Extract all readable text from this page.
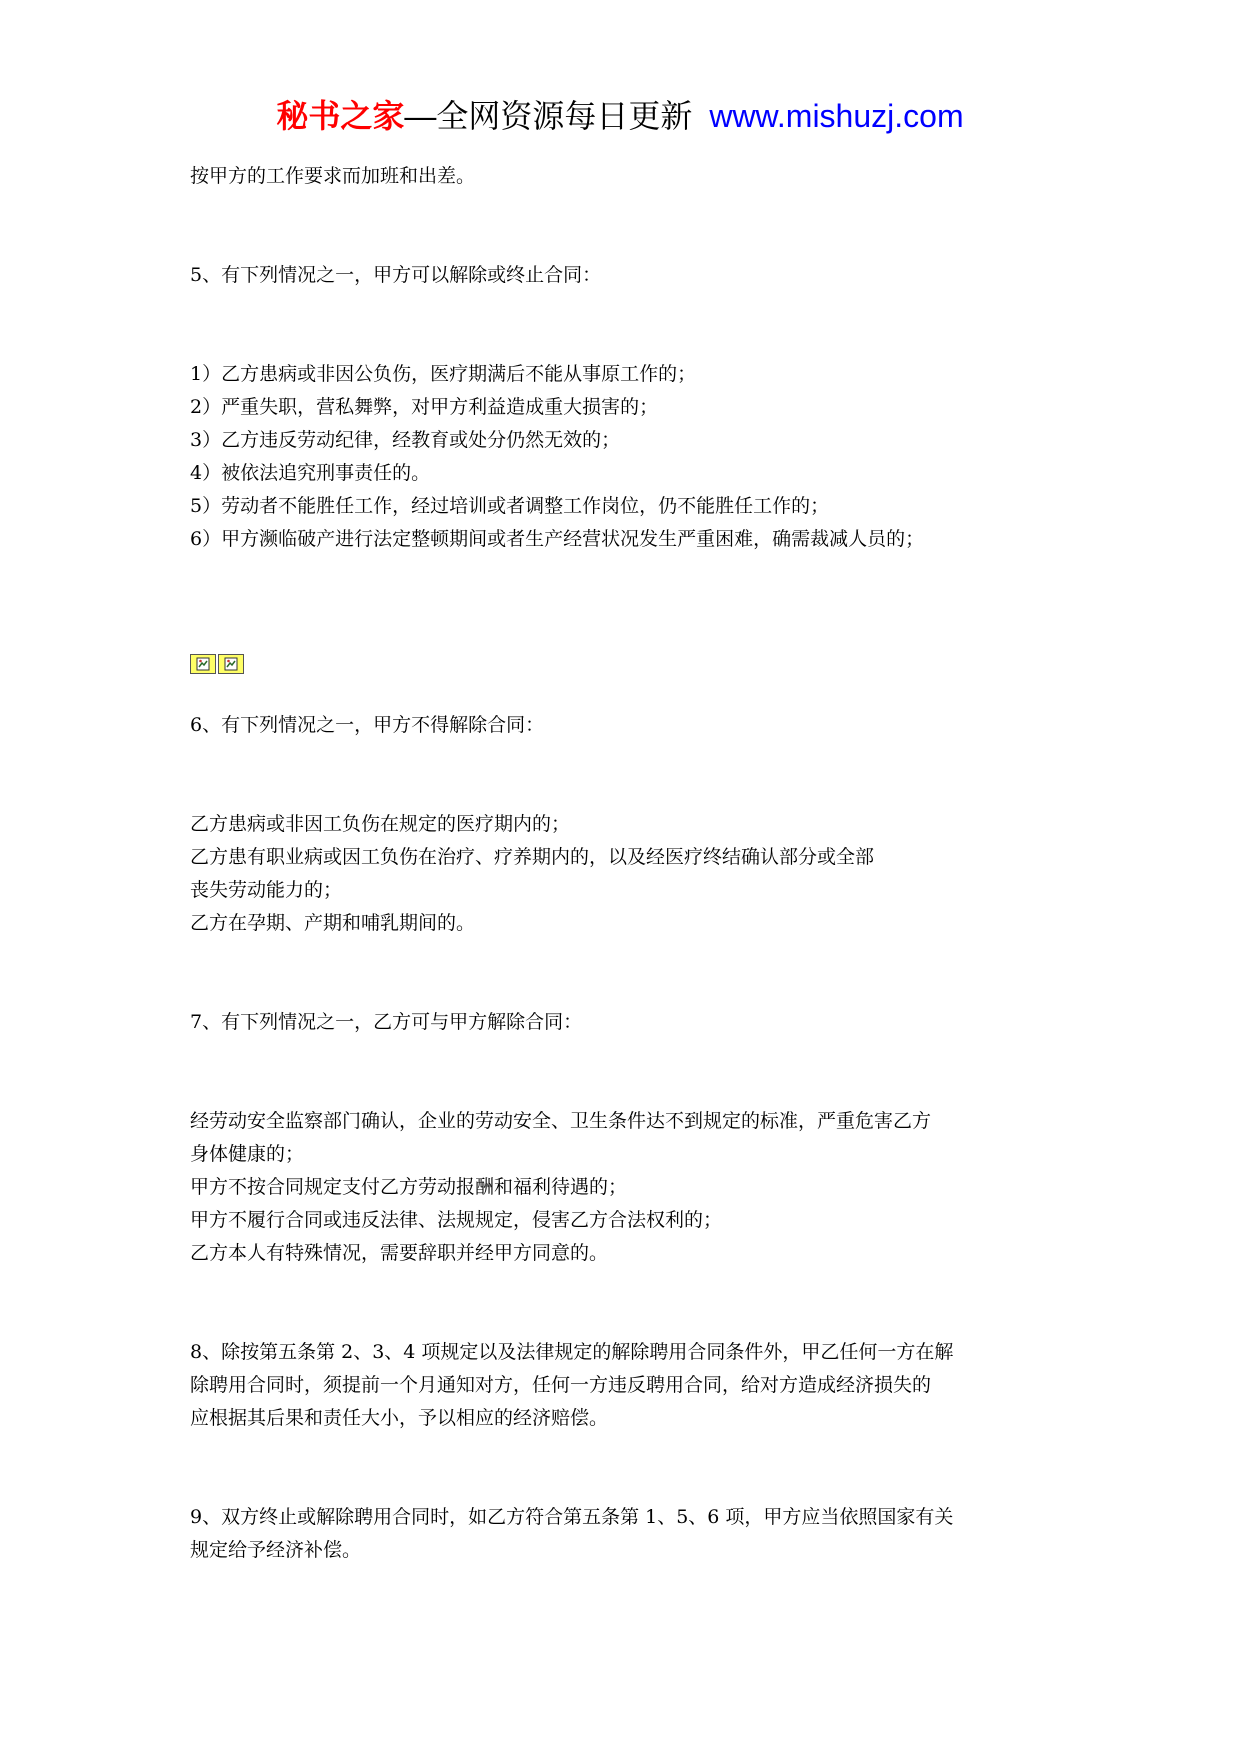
秘书之家—全网资源每日更新 www.mishuzj.com

按甲方的工作要求而加班和出差。

5、有下列情况之一，甲方可以解除或终止合同：

1）乙方患病或非因公负伤，医疗期满后不能从事原工作的；

2）严重失职，营私舞弊，对甲方利益造成重大损害的；

3）乙方违反劳动纪律，经教育或处分仍然无效的；

4）被依法追究刑事责任的。

5）劳动者不能胜任工作，经过培训或者调整工作岗位，仍不能胜任工作的；

6）甲方濒临破产进行法定整顿期间或者生产经营状况发生严重困难，确需裁减人员的；

6、有下列情况之一，甲方不得解除合同：

乙方患病或非因工负伤在规定的医疗期内的；

乙方患有职业病或因工负伤在治疗、疗养期内的，以及经医疗终结确认部分或全部

丧失劳动能力的；

乙方在孕期、产期和哺乳期间的。

7、有下列情况之一，乙方可与甲方解除合同：

经劳动安全监察部门确认，企业的劳动安全、卫生条件达不到规定的标准，严重危害乙方

身体健康的；

甲方不按合同规定支付乙方劳动报酬和福利待遇的；

甲方不履行合同或违反法律、法规规定，侵害乙方合法权利的；

乙方本人有特殊情况，需要辞职并经甲方同意的。

8、除按第五条第 2、3、4 项规定以及法律规定的解除聘用合同条件外，甲乙任何一方在解

除聘用合同时，须提前一个月通知对方，任何一方违反聘用合同，给对方造成经济损失的

应根据其后果和责任大小，予以相应的经济赔偿。

9、双方终止或解除聘用合同时，如乙方符合第五条第 1、5、6 项，甲方应当依照国家有关

规定给予经济补偿。
